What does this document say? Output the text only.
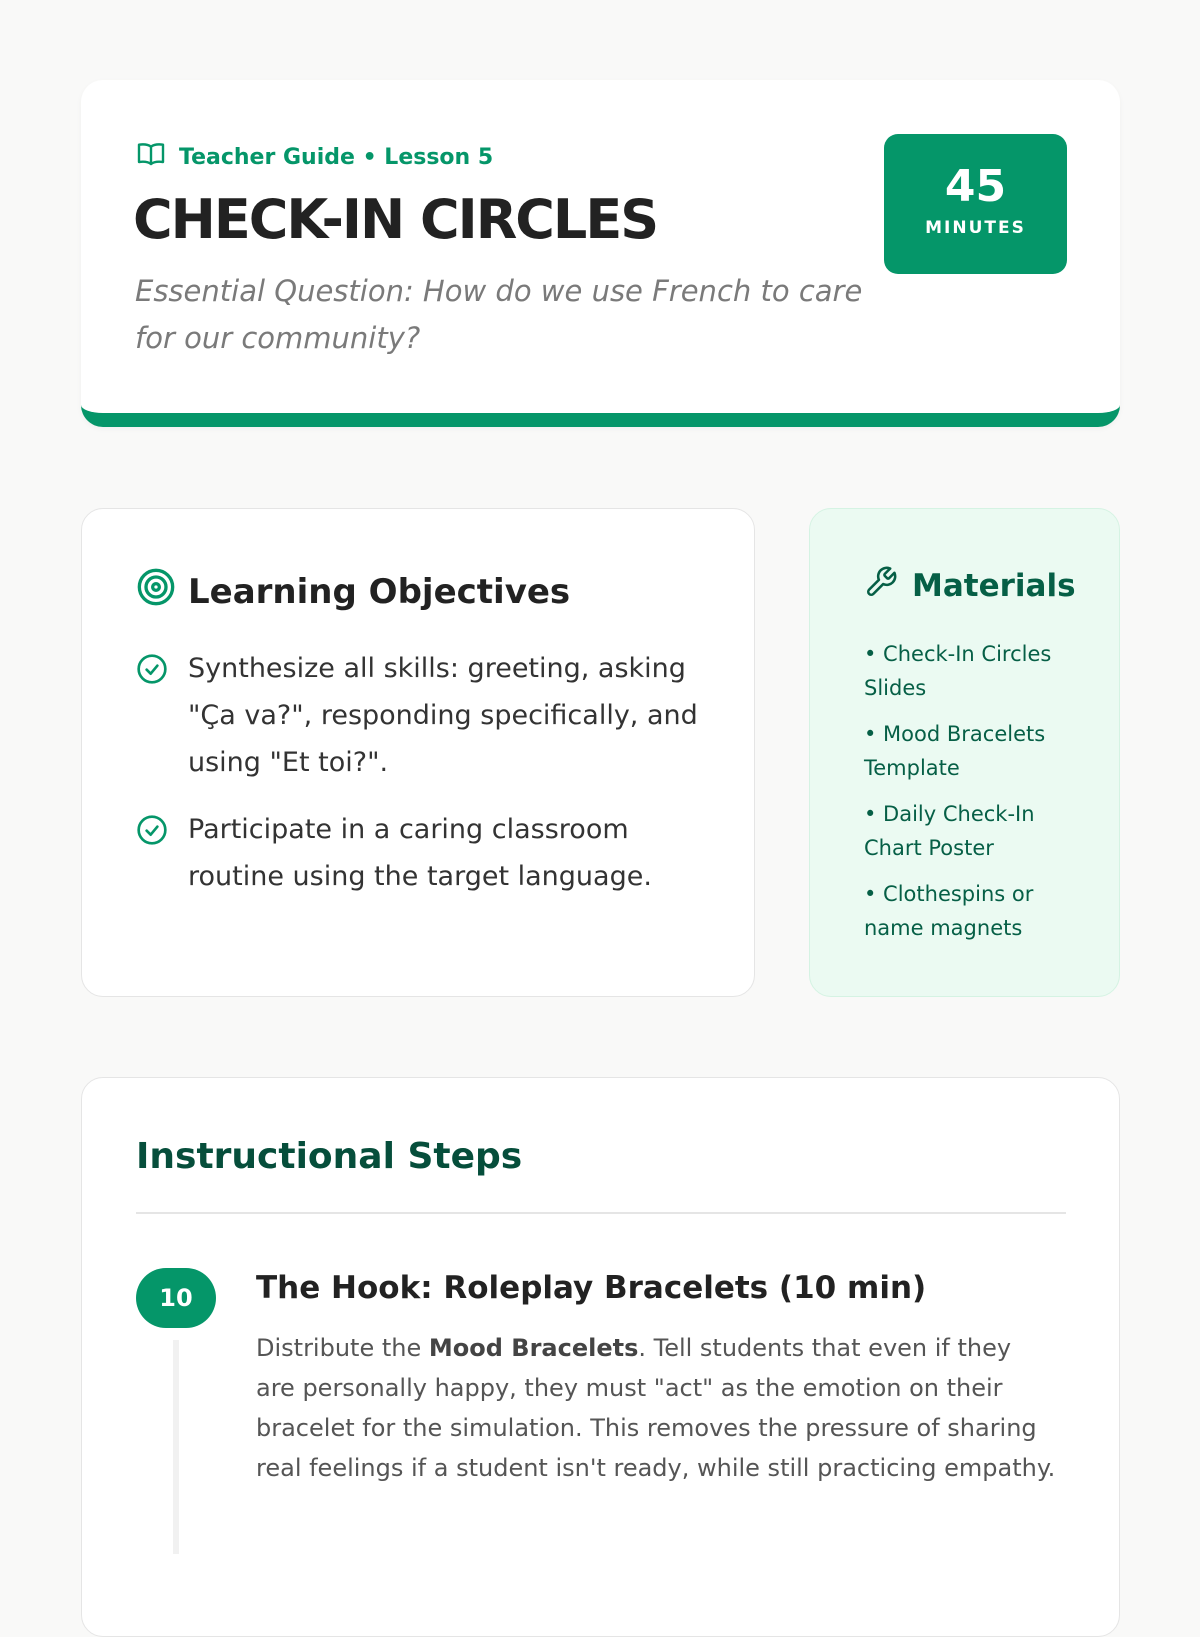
Teacher Guide • Lesson 5
CHECK-IN CIRCLES

Essential Question: How do we use French to care for our community?

45
MINUTES
Learning Objectives
Synthesize all skills: greeting, asking "Ça va?", responding specifically, and using "Et toi?".
Participate in a caring classroom routine using the target language.
Materials
• Check-In Circles Slides
• Mood Bracelets Template
• Daily Check-In Chart Poster
• Clothespins or name magnets
Instructional Steps
10	The Hook: Roleplay Bracelets (10 min)

Distribute the Mood Bracelets. Tell students that even if they are personally happy, they must "act" as the emotion on their bracelet for the simulation. This removes the pressure of sharing real feelings if a student isn't ready, while still practicing empathy.
